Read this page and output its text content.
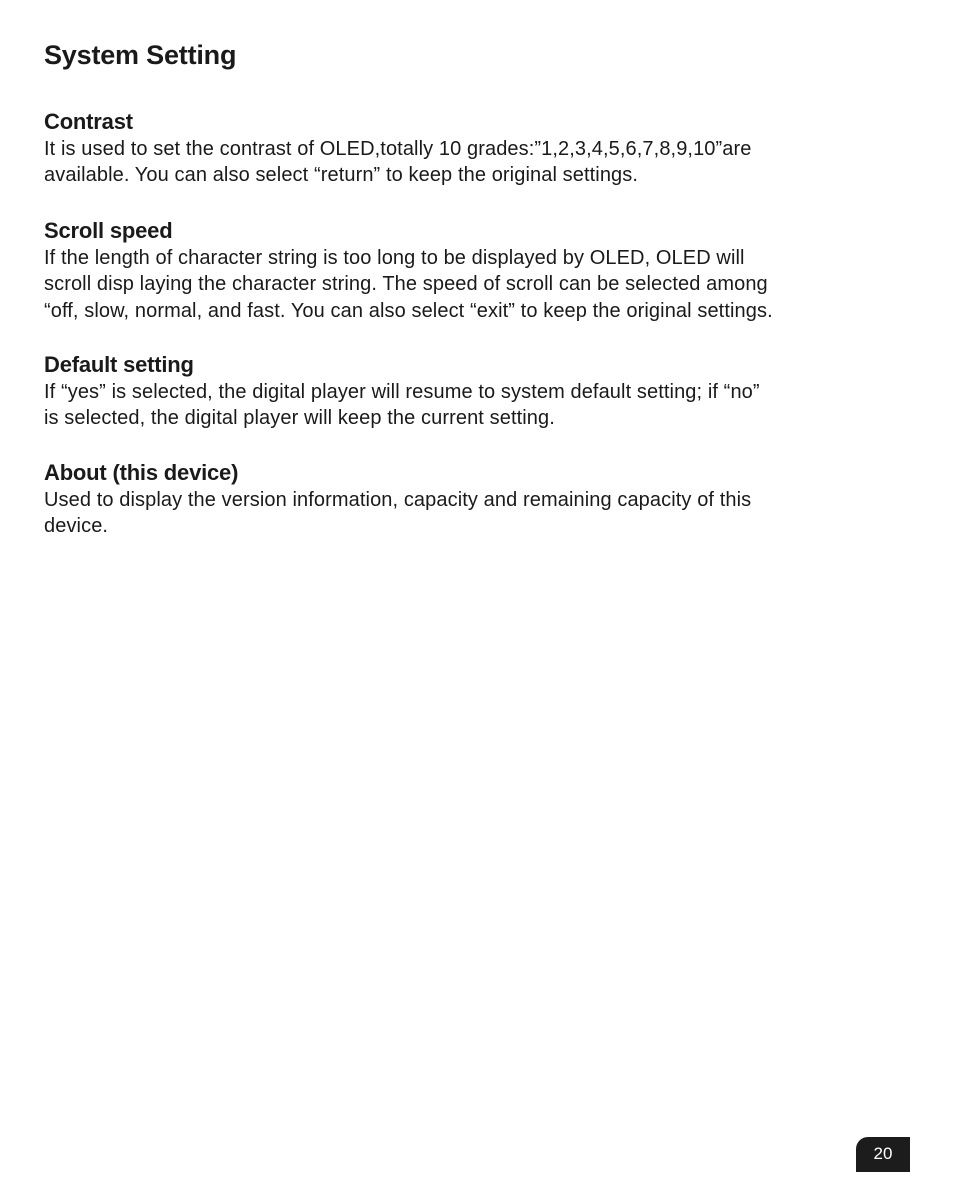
System Setting
Contrast

It is used to set the contrast of OLED,totally 10 grades:”1,2,3,4,5,6,7,8,9,10”are
available. You can also select “return” to keep the original settings.

Scroll speed

If the length of character string is too long to be displayed by OLED, OLED will
scroll disp laying the character string. The speed of scroll can be selected among
“off, slow, normal, and fast. You can also select “exit” to keep the original settings.

Default setting

If “yes” is selected, the digital player will resume to system default setting; if “no”
is selected, the digital player will keep the current setting.

About (this device)

Used to display the version information, capacity and remaining capacity of this
device.

20
